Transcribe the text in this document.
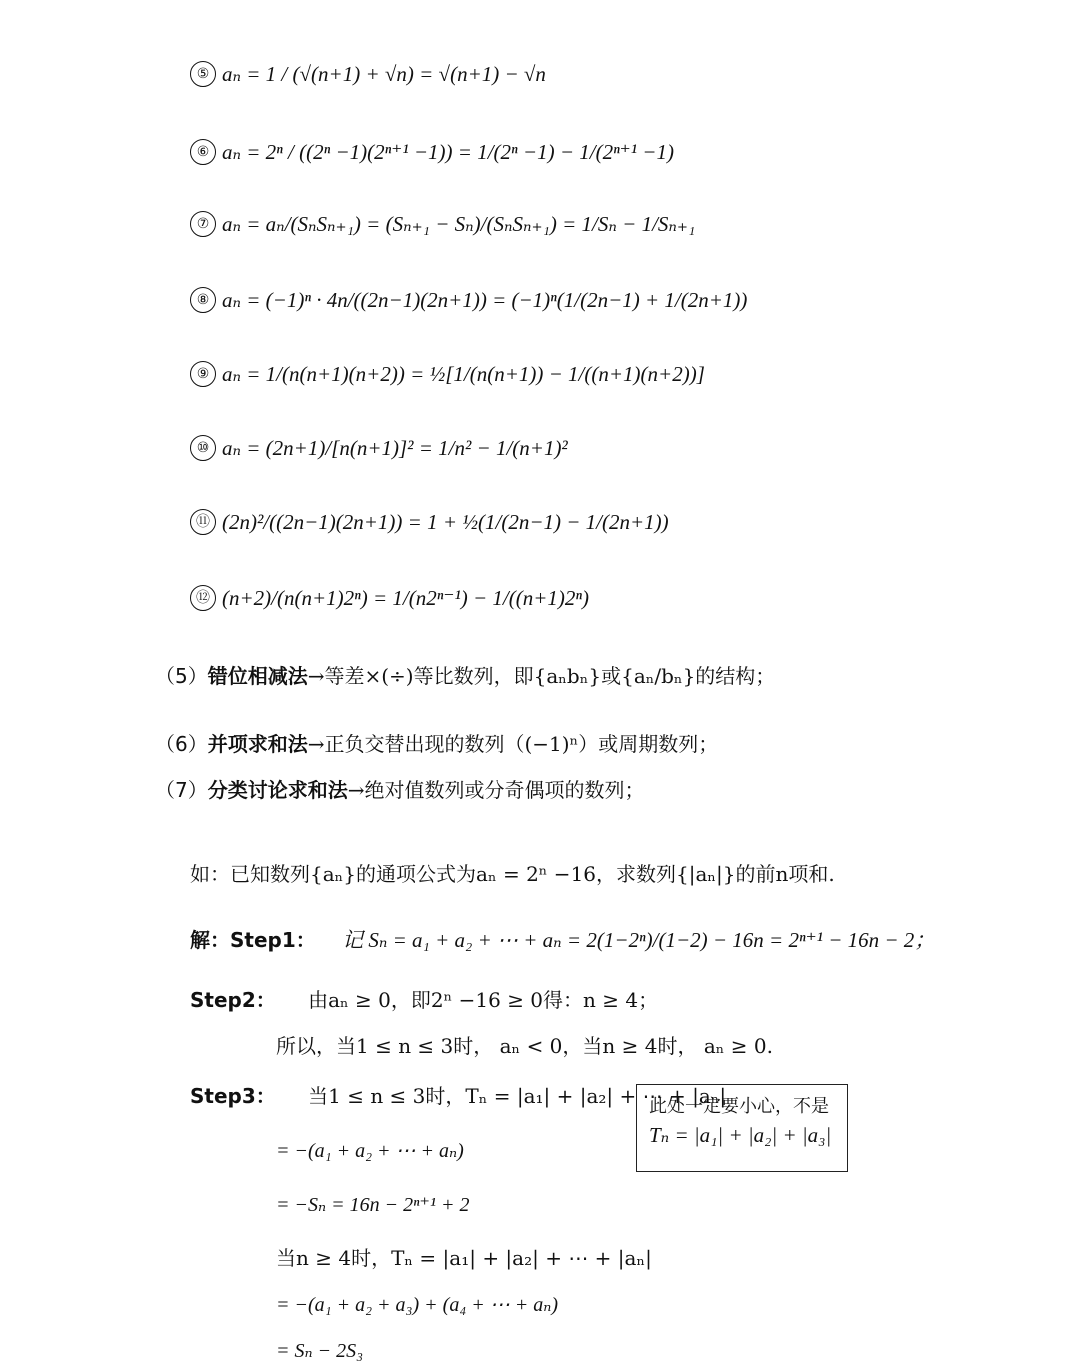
⑤ aₙ = 1 / (√(n+1) + √n) = √(n+1) − √n
⑥ aₙ = 2ⁿ / ((2ⁿ −1)(2ⁿ⁺¹ −1)) = 1/(2ⁿ −1) − 1/(2ⁿ⁺¹ −1)
⑦ aₙ = aₙ/(SₙSₙ₊₁) = (Sₙ₊₁ − Sₙ)/(SₙSₙ₊₁) = 1/Sₙ − 1/Sₙ₊₁
⑧ aₙ = (−1)ⁿ · 4n/((2n−1)(2n+1)) = (−1)ⁿ(1/(2n−1) + 1/(2n+1))
⑨ aₙ = 1/(n(n+1)(n+2)) = ½[1/(n(n+1)) − 1/((n+1)(n+2))]
⑩ aₙ = (2n+1)/[n(n+1)]² = 1/n² − 1/(n+1)²
⑪ (2n)²/((2n−1)(2n+1)) = 1 + ½(1/(2n−1) − 1/(2n+1))
⑫ (n+2)/(n(n+1)2ⁿ) = 1/(n2ⁿ⁻¹) − 1/((n+1)2ⁿ)
（5）错位相减法→等差×(÷)等比数列，即{aₙbₙ}或{aₙ/bₙ}的结构；
（6）并项求和法→正负交替出现的数列（(−1)ⁿ）或周期数列；
（7）分类讨论求和法→绝对值数列或分奇偶项的数列；
如：已知数列{aₙ}的通项公式为aₙ = 2ⁿ −16，求数列{|aₙ|}的前n项和.
解：Step1： 记 Sₙ = a₁ + a₂ + ⋯ + aₙ = 2(1−2ⁿ)/(1−2) − 16n = 2ⁿ⁺¹ − 16n − 2；
Step2： 由aₙ ≥ 0，即2ⁿ −16 ≥ 0得：n ≥ 4；
所以，当1 ≤ n ≤ 3时， aₙ < 0，当n ≥ 4时， aₙ ≥ 0.
Step3： 当1 ≤ n ≤ 3时，Tₙ = |a₁| + |a₂| + ⋯ + |aₙ|
= −(a₁ + a₂ + ⋯ + aₙ)
= −Sₙ = 16n − 2ⁿ⁺¹ + 2
当n ≥ 4时，Tₙ = |a₁| + |a₂| + ⋯ + |aₙ|
= −(a₁ + a₂ + a₃) + (a₄ + ⋯ + aₙ)
= Sₙ − 2S₃
此处一定要小心，不是
Tₙ = |a₁| + |a₂| + |a₃|
